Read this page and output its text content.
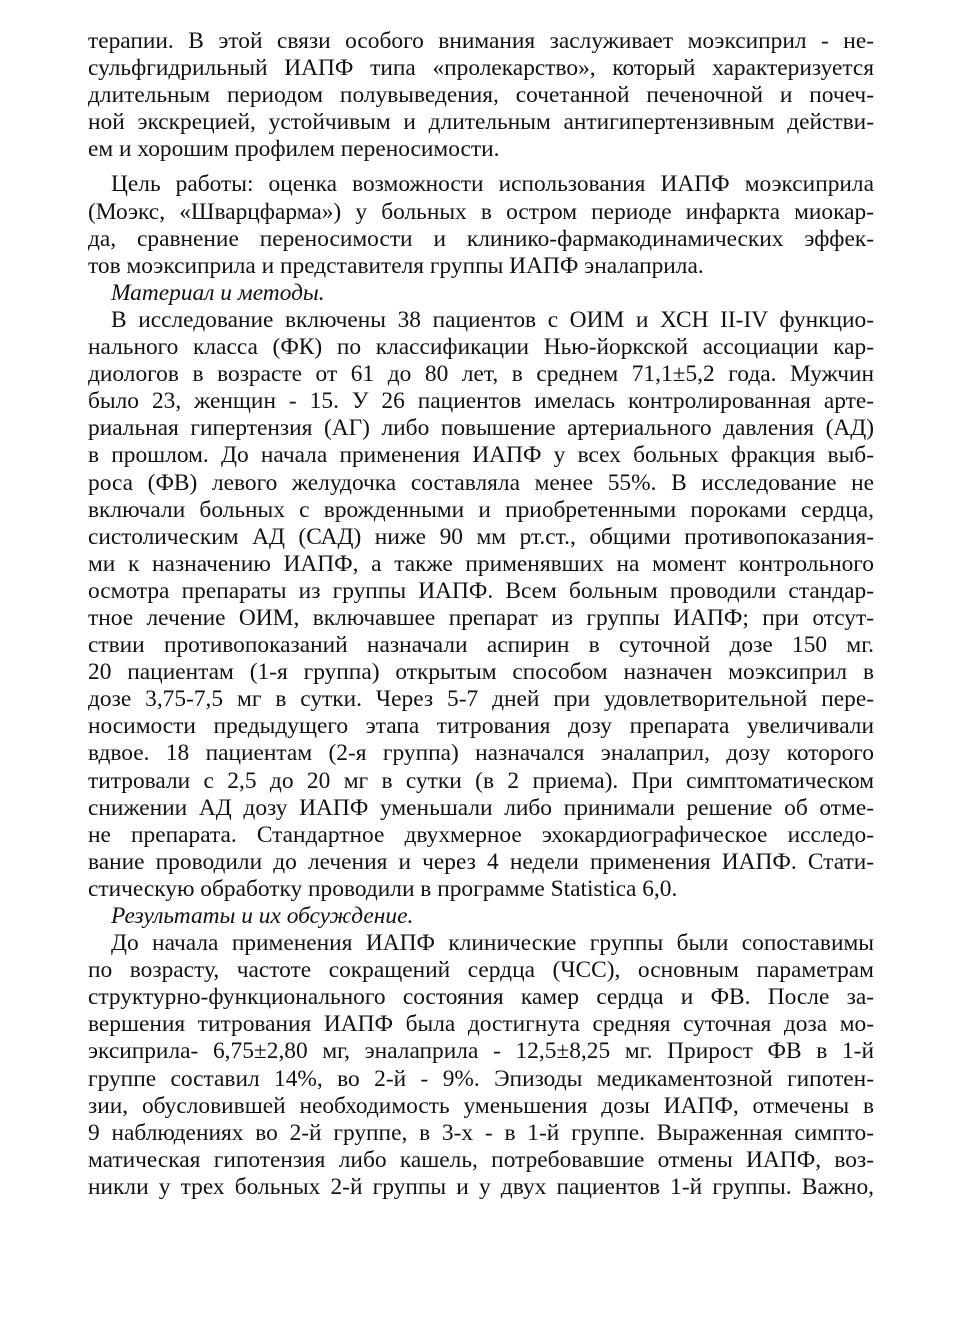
терапии. В этой связи особого внимания заслуживает моэксиприл - не-
сульфгидрильный ИАПФ типа «пролекарство», который характеризуется
длительным периодом полувыведения, сочетанной печеночной и почеч-
ной экскрецией, устойчивым и длительным антигипертензивным действи-
ем и хорошим профилем переносимости.
Цель работы: оценка возможности использования ИАПФ моэксиприла
(Моэкс, «Шварцфарма») у больных в остром периоде инфаркта миокар-
да, сравнение переносимости и клинико-фармакодинамических эффек-
тов моэксиприла и представителя группы ИАПФ эналаприла.
Материал и методы.
В исследование включены 38 пациентов с ОИМ и ХСН II-IV функцио-
нального класса (ФК) по классификации Нью-йоркской ассоциации кар-
диологов в возрасте от 61 до 80 лет, в среднем 71,1±5,2 года. Мужчин
было 23, женщин - 15. У 26 пациентов имелась контролированная арте-
риальная гипертензия (АГ) либо повышение артериального давления (АД)
в прошлом. До начала применения ИАПФ у всех больных фракция выб-
роса (ФВ) левого желудочка составляла менее 55%. В исследование не
включали больных с врожденными и приобретенными пороками сердца,
систолическим АД (САД) ниже 90 мм рт.ст., общими противопоказания-
ми к назначению ИАПФ, а также применявших на момент контрольного
осмотра препараты из группы ИАПФ. Всем больным проводили стандар-
тное лечение ОИМ, включавшее препарат из группы ИАПФ; при отсут-
ствии противопоказаний назначали аспирин в суточной дозе 150 мг.
20 пациентам (1-я группа) открытым способом назначен моэксиприл в
дозе 3,75-7,5 мг в сутки. Через 5-7 дней при удовлетворительной пере-
носимости предыдущего этапа титрования дозу препарата увеличивали
вдвое. 18 пациентам (2-я группа) назначался эналаприл, дозу которого
титровали с 2,5 до 20 мг в сутки (в 2 приема). При симптоматическом
снижении АД дозу ИАПФ уменьшали либо принимали решение об отме-
не препарата. Стандартное двухмерное эхокардиографическое исследо-
вание проводили до лечения и через 4 недели применения ИАПФ. Стати-
стическую обработку проводили в программе Statistica 6,0.
Результаты и их обсуждение.
До начала применения ИАПФ клинические группы были сопоставимы
по возрасту, частоте сокращений сердца (ЧСС), основным параметрам
структурно-функционального состояния камер сердца и ФВ. После за-
вершения титрования ИАПФ была достигнута средняя суточная доза мо-
эксиприла- 6,75±2,80 мг, эналаприла - 12,5±8,25 мг. Прирост ФВ в 1-й
группе составил 14%, во 2-й - 9%. Эпизоды медикаментозной гипотен-
зии, обусловившей необходимость уменьшения дозы ИАПФ, отмечены в
9 наблюдениях во 2-й группе, в 3-х - в 1-й группе. Выраженная симпто-
матическая гипотензия либо кашель, потребовавшие отмены ИАПФ, воз-
никли у трех больных 2-й группы и у двух пациентов 1-й группы. Важно,
